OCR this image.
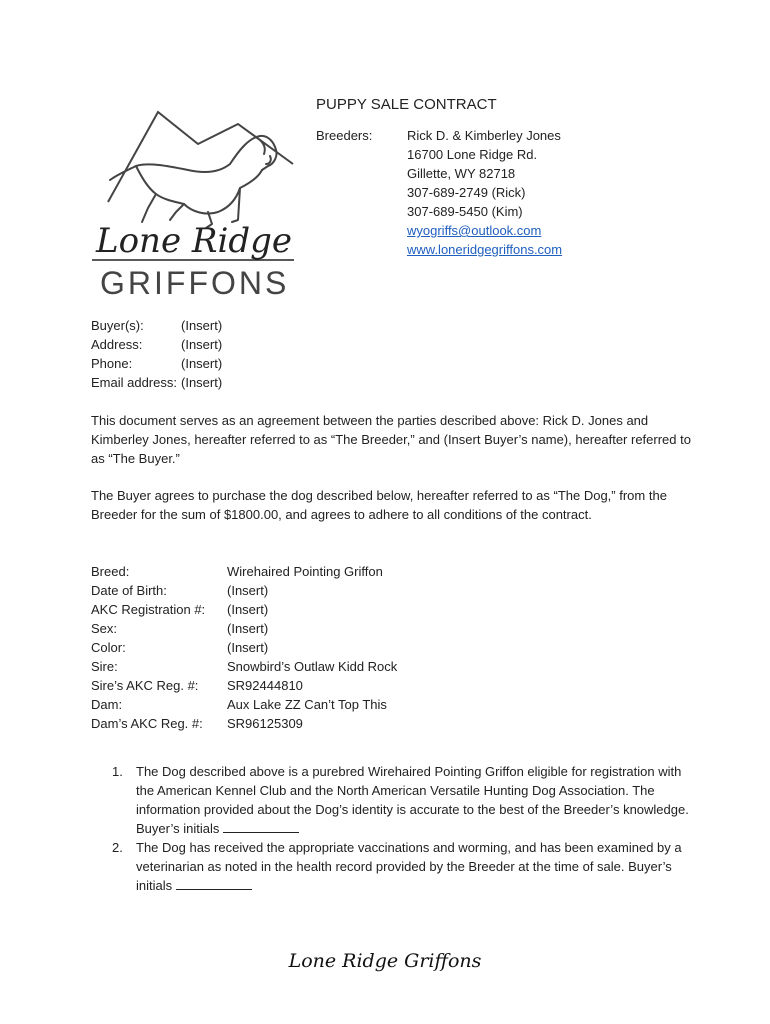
Lone Ridge
GRIFFONS
PUPPY SALE CONTRACT
Breeders:	Rick D. & Kimberley Jones
16700 Lone Ridge Rd.
Gillette, WY 82718
307-689-2749 (Rick)
307-689-5450 (Kim)
wyogriffs@outlook.com
www.loneridgegriffons.com
Buyer(s):	(Insert)
Address:	(Insert)
Phone:	(Insert)
Email address: (Insert)
This document serves as an agreement between the parties described above: Rick D. Jones and Kimberley Jones, hereafter referred to as “The Breeder,” and (Insert Buyer’s name), hereafter referred to as “The Buyer.”
The Buyer agrees to purchase the dog described below, hereafter referred to as “The Dog,” from the Breeder for the sum of $1800.00, and agrees to adhere to all conditions of the contract.
Breed:	Wirehaired Pointing Griffon
Date of Birth:	(Insert)
AKC Registration #:	(Insert)
Sex:	(Insert)
Color:	(Insert)
Sire:	Snowbird’s Outlaw Kidd Rock
Sire’s AKC Reg. #:	SR92444810
Dam:	Aux Lake ZZ Can’t Top This
Dam’s AKC Reg. #:	SR96125309
1.	The Dog described above is a purebred Wirehaired Pointing Griffon eligible for registration with the American Kennel Club and the North American Versatile Hunting Dog Association. The information provided about the Dog’s identity is accurate to the best of the Breeder’s knowledge. Buyer’s initials
2.	The Dog has received the appropriate vaccinations and worming, and has been examined by a veterinarian as noted in the health record provided by the Breeder at the time of sale. Buyer’s initials
Lone Ridge Griffons
